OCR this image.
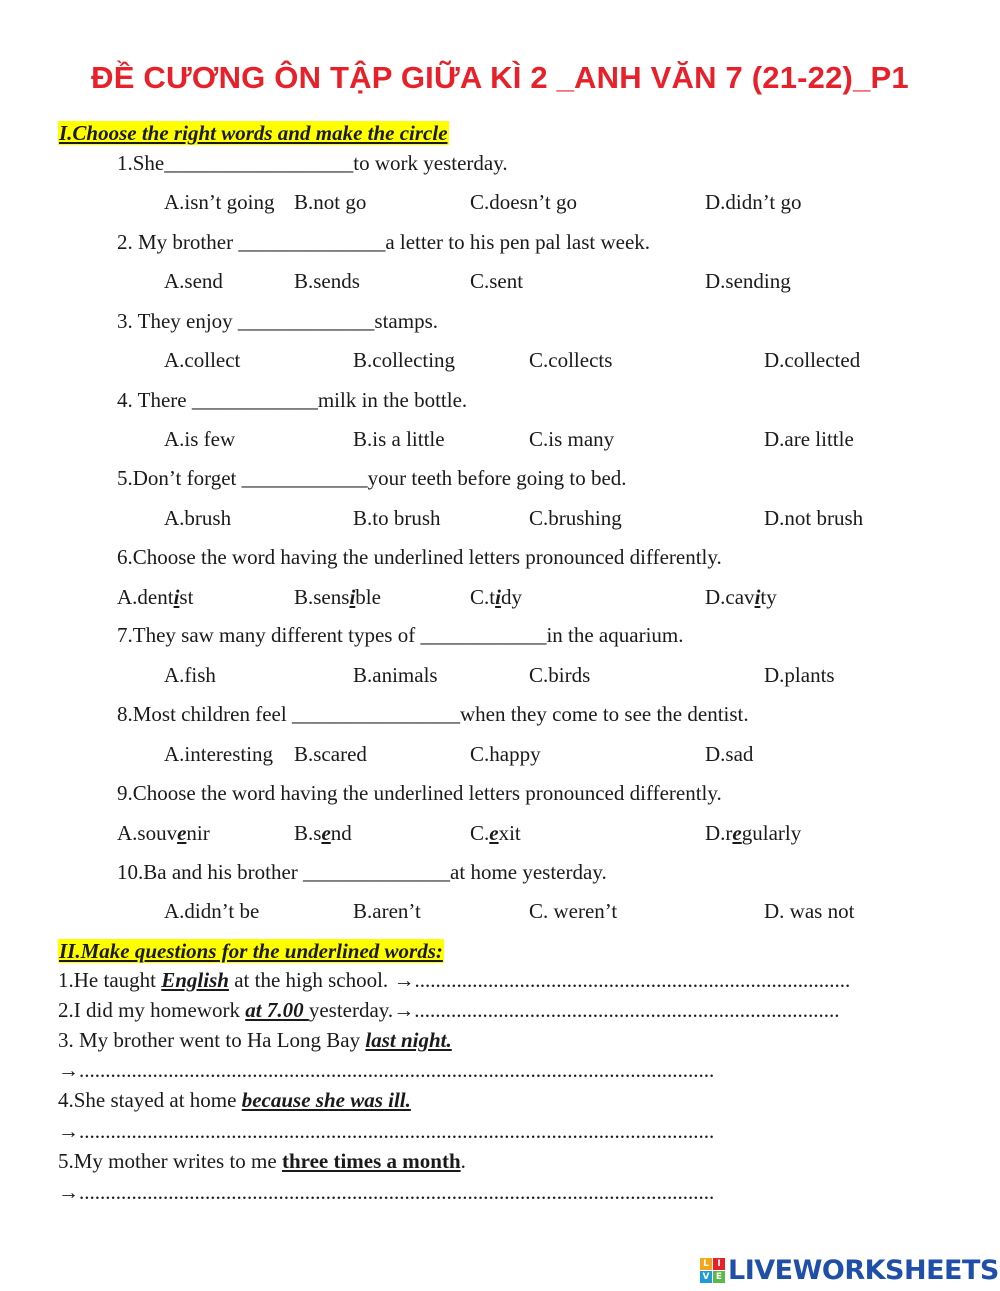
ĐỀ CƯƠNG ÔN TẬP GIỮA KÌ 2 _ANH VĂN 7 (21-22)_P1
I.Choose the right words and make the circle
1.She__________________to work yesterday.
A.isn’t going B.not go	C.doesn’t go	D.didn’t go
2. My brother ______________a letter to his pen pal last week.
A.send	B.sends	C.sent	D.sending
3. They enjoy _____________stamps.
A.collect	B.collecting	C.collects	D.collected
4. There ____________milk in the bottle.
A.is few	B.is a little	C.is many	D.are little
5.Don’t forget ____________your teeth before going to bed.
A.brush	B.to brush	C.brushing	D.not brush
6.Choose the word having the underlined letters pronounced differently.
A.dentist	B.sensible	C.tidy	D.cavity
7.They saw many different types of ____________in the aquarium.
A.fish	B.animals	C.birds	D.plants
8.Most children feel ________________when they come to see the dentist.
A.interesting B.scared	C.happy	D.sad
9.Choose the word having the underlined letters pronounced differently.
A.souvenir	B.send	C.exit	D.regularly
10.Ba and his brother ______________at home yesterday.
A.didn’t be	B.aren’t	C. weren’t	D. was not
II.Make questions for the underlined words:
1.He taught English at the high school. →...................................................................................
2.I did my homework at 7.00 yesterday.→.................................................................................
3. My brother went to Ha Long Bay last night.
→.........................................................................................................................
4.She stayed at home because she was ill.
→.........................................................................................................................
5.My mother writes to me three times a month.
→.........................................................................................................................
L I
V E LIVEWORKSHEETS
